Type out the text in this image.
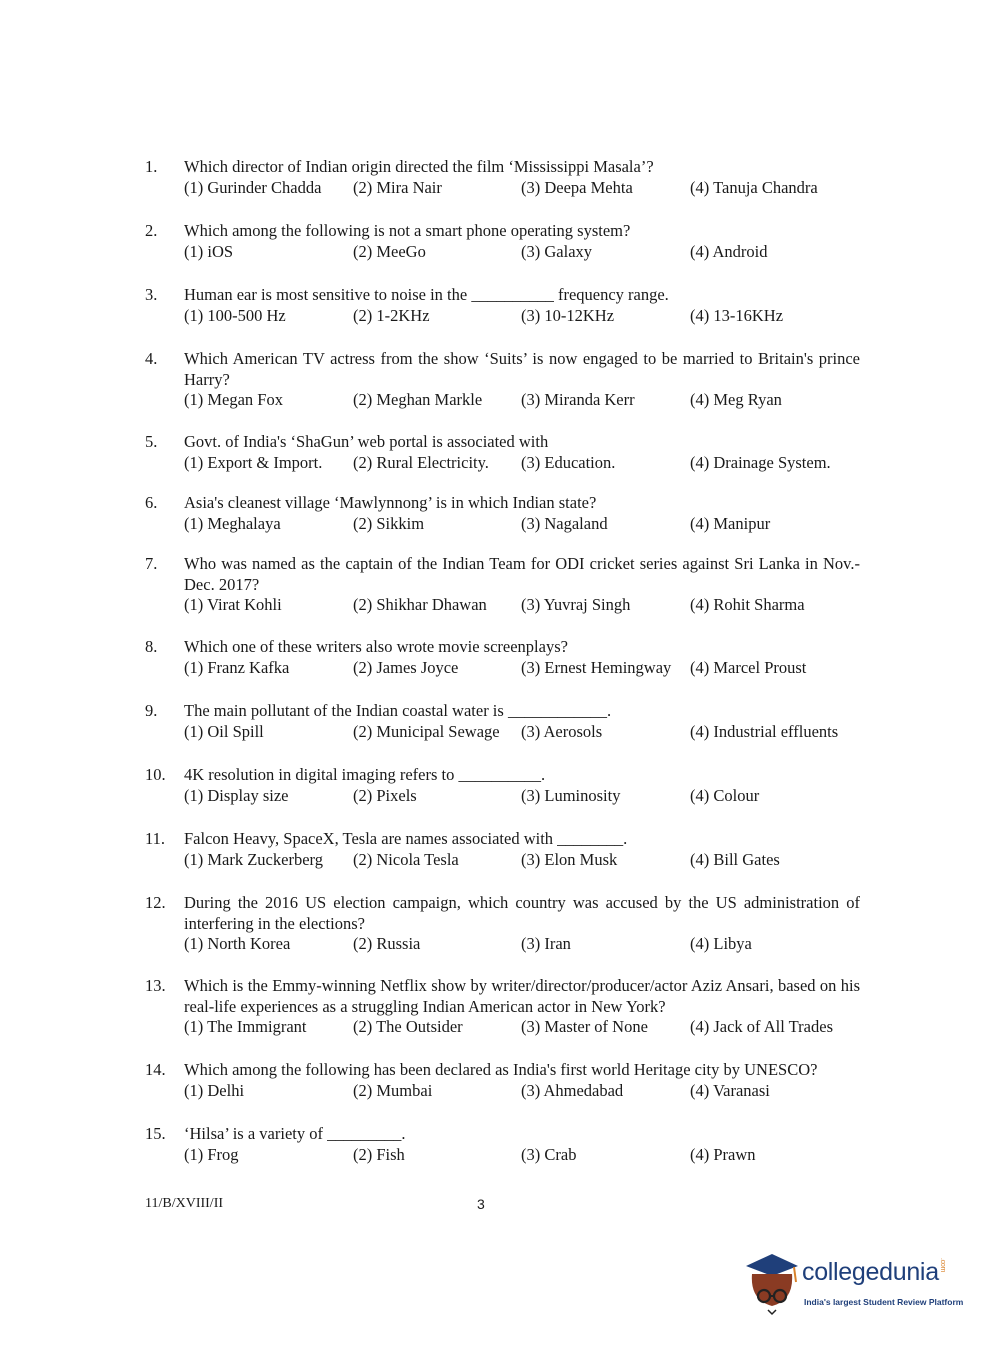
1. Which director of Indian origin directed the film ‘Mississippi Masala’?
(1) Gurinder Chadda (2) Mira Nair	(3) Deepa Mehta	(4) Tanuja Chandra
2. Which among the following is not a smart phone operating system?
(1) iOS	(2) MeeGo	(3) Galaxy	(4) Android
3. Human ear is most sensitive to noise in the __________ frequency range.
(1) 100-500 Hz	(2) 1-2KHz	(3) 10-12KHz	(4) 13-16KHz
4. Which American TV actress from the show ‘Suits’ is now engaged to be married to Britain's prince Harry?
(1) Megan Fox	(2) Meghan Markle (3) Miranda Kerr	(4) Meg Ryan
5. Govt. of India's ‘ShaGun’ web portal is associated with
(1) Export & Import. (2) Rural Electricity. (3) Education.	(4) Drainage System.
6. Asia's cleanest village ‘Mawlynnong’ is in which Indian state?
(1) Meghalaya	(2) Sikkim	(3) Nagaland	(4) Manipur
7. Who was named as the captain of the Indian Team for ODI cricket series against Sri Lanka in Nov.-Dec. 2017?
(1) Virat Kohli	(2) Shikhar Dhawan (3) Yuvraj Singh	(4) Rohit Sharma
8. Which one of these writers also wrote movie screenplays?
(1) Franz Kafka	(2) James Joyce	(3) Ernest Hemingway (4) Marcel Proust
9. The main pollutant of the Indian coastal water is ____________.
(1) Oil Spill	(2) Municipal Sewage (3) Aerosols	(4) Industrial effluents
10. 4K resolution in digital imaging refers to __________.
(1) Display size	(2) Pixels	(3) Luminosity	(4) Colour
11. Falcon Heavy, SpaceX, Tesla are names associated with ________.
(1) Mark Zuckerberg (2) Nicola Tesla	(3) Elon Musk	(4) Bill Gates
12. During the 2016 US election campaign, which country was accused by the US administration of interfering in the elections?
(1) North Korea	(2) Russia	(3) Iran	(4) Libya
13. Which is the Emmy-winning Netflix show by writer/director/producer/actor Aziz Ansari, based on his real-life experiences as a struggling Indian American actor in New York?
(1) The Immigrant	(2) The Outsider	(3) Master of None	(4) Jack of All Trades
14. Which among the following has been declared as India's first world Heritage city by UNESCO?
(1) Delhi	(2) Mumbai	(3) Ahmedabad	(4) Varanasi
15. ‘Hilsa’ is a variety of _________.
(1) Frog	(2) Fish	(3) Crab	(4) Prawn
11/B/XVIII/II	3
collegedunia.com
India's largest Student Review Platform
